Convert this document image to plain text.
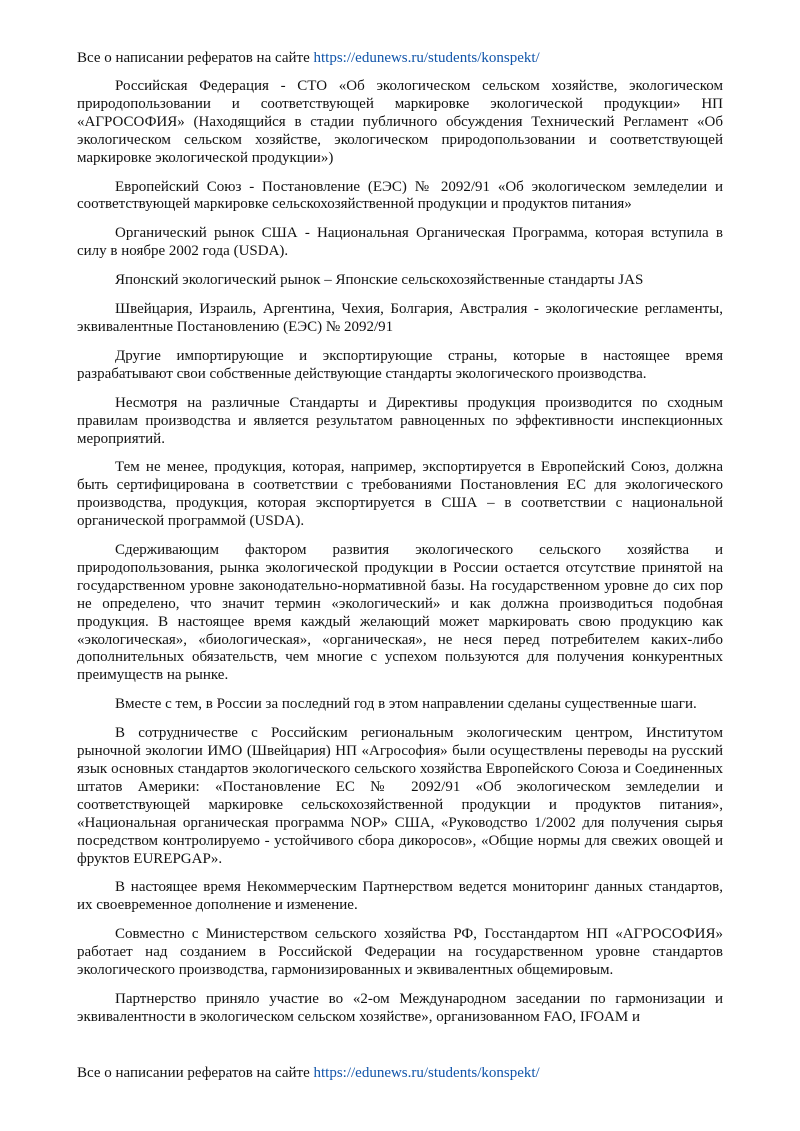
Все о написании рефератов на сайте https://edunews.ru/students/konspekt/

Российская Федерация - СТО «Об экологическом сельском хозяйстве, экологическом природопользовании и соответствующей маркировке экологической продукции» НП «АГРОСОФИЯ» (Находящийся в стадии публичного обсуждения Технический Регламент «Об экологическом сельском хозяйстве, экологическом природопользовании и соответствующей маркировке экологической продукции»)

Европейский Союз - Постановление (ЕЭС) № 2092/91 «Об экологическом земледелии и соответствующей маркировке сельскохозяйственной продукции и продуктов питания»

Органический рынок США - Национальная Органическая Программа, которая вступила в силу в ноябре 2002 года (USDA).

Японский экологический рынок – Японские сельскохозяйственные стандарты JAS

Швейцария, Израиль, Аргентина, Чехия, Болгария, Австралия - экологические регламенты, эквивалентные Постановлению (ЕЭС) № 2092/91

Другие импортирующие и экспортирующие страны, которые в настоящее время разрабатывают свои собственные действующие стандарты экологического производства.

Несмотря на различные Стандарты и Директивы продукция производится по сходным правилам производства и является результатом равноценных по эффективности инспекционных мероприятий.

Тем не менее, продукция, которая, например, экспортируется в Европейский Союз, должна быть сертифицирована в соответствии с требованиями Постановления ЕС для экологического производства, продукция, которая экспортируется в США – в соответствии с национальной органической программой (USDA).

Сдерживающим фактором развития экологического сельского хозяйства и природопользования, рынка экологической продукции в России остается отсутствие принятой на государственном уровне законодательно-нормативной базы. На государственном уровне до сих пор не определено, что значит термин «экологический» и как должна производиться подобная продукция. В настоящее время каждый желающий может маркировать свою продукцию как «экологическая», «биологическая», «органическая», не неся перед потребителем каких-либо дополнительных обязательств, чем многие с успехом пользуются для получения конкурентных преимуществ на рынке.

Вместе с тем, в России за последний год в этом направлении сделаны существенные шаги.

В сотрудничестве с Российским региональным экологическим центром, Институтом рыночной экологии ИМО (Швейцария) НП «Агрософия» были осуществлены переводы на русский язык основных стандартов экологического сельского хозяйства Европейского Союза и Соединенных штатов Америки: «Постановление ЕС № 2092/91 «Об экологическом земледелии и соответствующей маркировке сельскохозяйственной продукции и продуктов питания», «Национальная органическая программа NOP» США, «Руководство 1/2002 для получения сырья посредством контролируемо - устойчивого сбора дикоросов», «Общие нормы для свежих овощей и фруктов EUREPGAP».

В настоящее время Некоммерческим Партнерством ведется мониторинг данных стандартов, их своевременное дополнение и изменение.

Совместно с Министерством сельского хозяйства РФ, Госстандартом НП «АГРОСОФИЯ» работает над созданием в Российской Федерации на государственном уровне стандартов экологического производства, гармонизированных и эквивалентных общемировым.

Партнерство приняло участие во «2-ом Международном заседании по гармонизации и эквивалентности в экологическом сельском хозяйстве», организованном FAO, IFOAM и

Все о написании рефератов на сайте https://edunews.ru/students/konspekt/
